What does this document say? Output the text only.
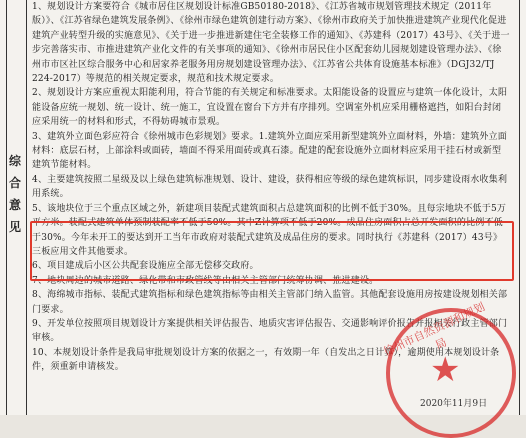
综合意见

1、规划设计方案要符合《城市居住区规划设计标准GB50180-2018》、《江苏省城市规划管理技术规定（2011年版）》、《江苏省绿色建筑发展条例》、《徐州市绿色建筑创建行动方案》、《徐州市政府关于加快推进建筑产业现代化促进建筑产业转型升级的实施意见》、《关于进一步推进新建住宅全装修工作的通知》、《苏建科（2017）43号》、《关于进一步完善落实市、市推进建筑产业化文件的有关事项的通知》、《徐州市居民住小区配套幼儿园规划建设管理办法》、《徐州市市区社区综合服务中心和居家养老服务用房规划建设管理办法》、《江苏省公共体育设施基本标准》（DGJ32/TJ 224-2017）等规范的相关规定要求，规范和技术规定要求。

2、规划设计方案应重视太阳能利用，符合节能的有关规定和标准要求。太阳能设备的设置应与建筑一体化设计，太阳能设备应统一规划、统一设计、统一施工，宜设置在窗台下方并有序排列。空调室外机应采用栅格遮挡，如阳台封闭应采用统一的材料和形式，不得妨碍城市景观。

3、建筑外立面色彩应符合《徐州城市色彩规划》要求。1.建筑外立面应采用新型建筑外立面材料，外墙：建筑外立面材料：底层石材，上部涂料或面砖，墙面不得采用面砖或真石漆。配建的配套设施外立面材料应采用干挂石材或新型建筑节能材料。

4、主要建筑按照二星级及以上绿色建筑标准规划、设计、建设，获得相应等级的绿色建筑标识，同步建设雨水收集利用系统。

5、该地块位于三个重点区域之外，新建项目装配式建筑面积占总建筑面积的比例不低于30%。且每宗地块不低于5万平方米。装配式建筑单体预制装配率不低于50%。其中Z计算项不低于20%。成品住房面积占总开发面积的比例不低于30%。今年未开工的要达到开工当年市政府对装配式建筑及成品住房的要求。同时执行《苏建科（2017）43号》三板应用文件其他要求。

6、项目建成后小区公共配套设施应全部无偿移交政府。

7、地块周边的城市道路、绿化带和市政管线等由相关主管部门统筹协调、推进建设。

8、海绵城市指标、装配式建筑指标和绿色建筑指标等由相关主管部门纳入监管。其他配套设施用房按建设规划相关部门要求。

9、开发单位按照项目规划设计方案提供相关评估报告、地质灾害评估报告、交通影响评价报告并报相关行政主管部门审核。

10、本规划设计条件是我局审批规划设计方案的依据之一，有效期一年（自发出之日计算），逾期使用本规划设计条件，须重新申请核发。

徐州市自然资源和规划局
★
2020年11月9日
